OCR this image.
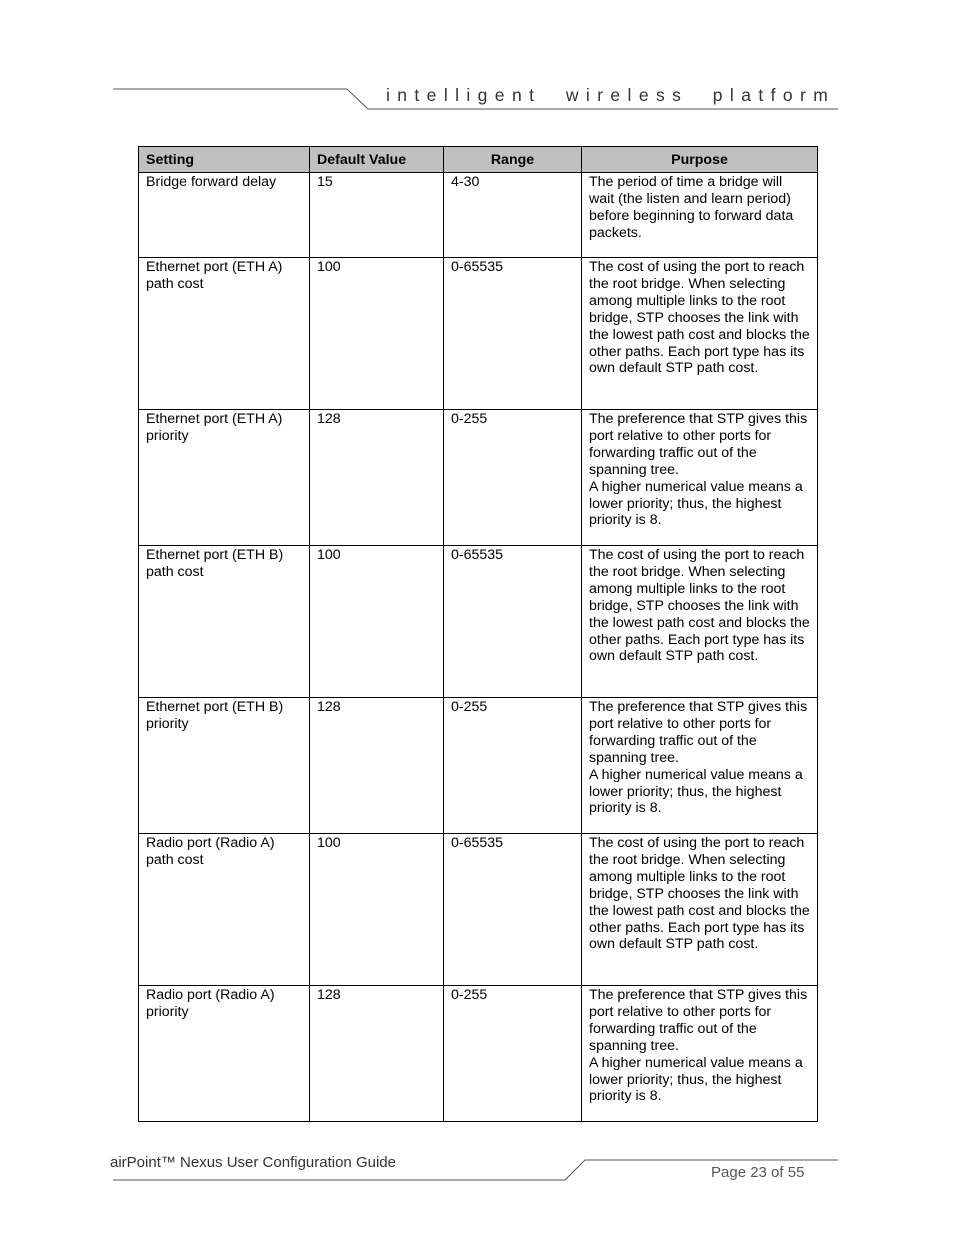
intelligent  wireless  platform
Setting	Default Value	Range	Purpose
Bridge forward delay	15	4-30	The period of time a bridge will wait (the listen and learn period) before beginning to forward data packets.
Ethernet port (ETH A) path cost	100	0-65535	The cost of using the port to reach the root bridge. When selecting among multiple links to the root bridge, STP chooses the link with the lowest path cost and blocks the other paths. Each port type has its own default STP path cost.
Ethernet port (ETH A) priority	128	0-255	The preference that STP gives this port relative to other ports for forwarding traffic out of the spanning tree.
A higher numerical value means a lower priority; thus, the highest priority is 8.

Ethernet port (ETH B) path cost	100	0-65535	The cost of using the port to reach the root bridge. When selecting among multiple links to the root bridge, STP chooses the link with the lowest path cost and blocks the other paths. Each port type has its own default STP path cost.
Ethernet port (ETH B) priority	128	0-255	The preference that STP gives this port relative to other ports for forwarding traffic out of the spanning tree.
A higher numerical value means a lower priority; thus, the highest priority is 8.

Radio port (Radio A) path cost	100	0-65535	The cost of using the port to reach the root bridge. When selecting among multiple links to the root bridge, STP chooses the link with the lowest path cost and blocks the other paths. Each port type has its own default STP path cost.
Radio port (Radio A) priority	128	0-255	The preference that STP gives this port relative to other ports for forwarding traffic out of the spanning tree.
A higher numerical value means a lower priority; thus, the highest priority is 8.
airPoint™ Nexus User Configuration Guide
Page 23 of 55
